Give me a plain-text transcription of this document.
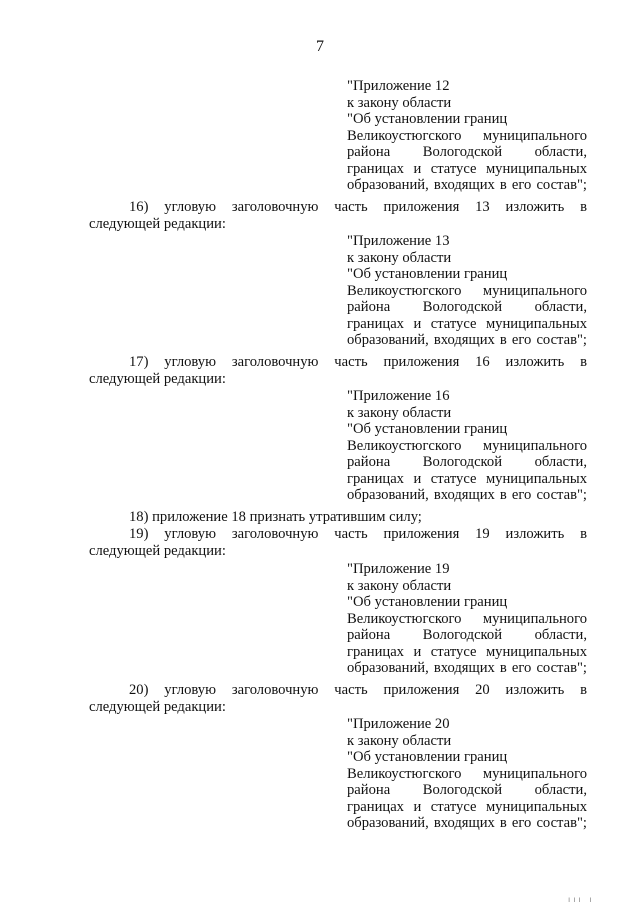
7
"Приложение 12
к закону области
"Об установлении границ
Великоустюгского муниципального
района Вологодской области,
границах и статусе муниципальных
образований, входящих в его состав";
16) угловую заголовочную часть приложения 13 изложить в
следующей редакции:
"Приложение 13
к закону области
"Об установлении границ
Великоустюгского муниципального
района Вологодской области,
границах и статусе муниципальных
образований, входящих в его состав";
17) угловую заголовочную часть приложения 16 изложить в
следующей редакции:
"Приложение 16
к закону области
"Об установлении границ
Великоустюгского муниципального
района Вологодской области,
границах и статусе муниципальных
образований, входящих в его состав";
18) приложение 18 признать утратившим силу;
19) угловую заголовочную часть приложения 19 изложить в
следующей редакции:
"Приложение 19
к закону области
"Об установлении границ
Великоустюгского муниципального
района Вологодской области,
границах и статусе муниципальных
образований, входящих в его состав";
20) угловую заголовочную часть приложения 20 изложить в
следующей редакции:
"Приложение 20
к закону области
"Об установлении границ
Великоустюгского муниципального
района Вологодской области,
границах и статусе муниципальных
образований, входящих в его состав";
ııı ı
